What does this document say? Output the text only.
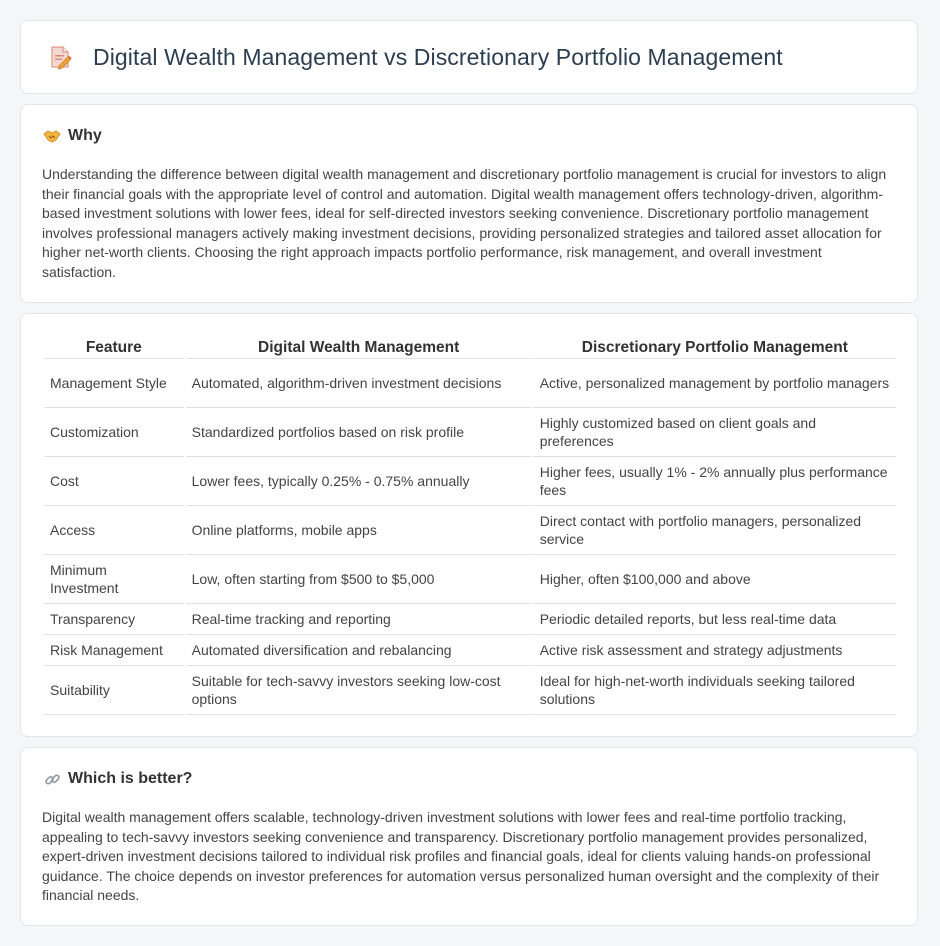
Digital Wealth Management vs Discretionary Portfolio Management
Why

Understanding the difference between digital wealth management and discretionary portfolio management is crucial for investors to align their financial goals with the appropriate level of control and automation. Digital wealth management offers technology-driven, algorithm-based investment solutions with lower fees, ideal for self-directed investors seeking convenience. Discretionary portfolio management involves professional managers actively making investment decisions, providing personalized strategies and tailored asset allocation for higher net-worth clients. Choosing the right approach impacts portfolio performance, risk management, and overall investment satisfaction.

Feature	Digital Wealth Management	Discretionary Portfolio Management
Management Style	Automated, algorithm-driven investment decisions	Active, personalized management by portfolio managers
Customization	Standardized portfolios based on risk profile	Highly customized based on client goals and preferences
Cost	Lower fees, typically 0.25% - 0.75% annually	Higher fees, usually 1% - 2% annually plus performance fees
Access	Online platforms, mobile apps	Direct contact with portfolio managers, personalized service
Minimum Investment	Low, often starting from $500 to $5,000	Higher, often $100,000 and above
Transparency	Real-time tracking and reporting	Periodic detailed reports, but less real-time data
Risk Management	Automated diversification and rebalancing	Active risk assessment and strategy adjustments
Suitability	Suitable for tech-savvy investors seeking low-cost options	Ideal for high-net-worth individuals seeking tailored solutions
Which is better?

Digital wealth management offers scalable, technology-driven investment solutions with lower fees and real-time portfolio tracking, appealing to tech-savvy investors seeking convenience and transparency. Discretionary portfolio management provides personalized, expert-driven investment decisions tailored to individual risk profiles and financial goals, ideal for clients valuing hands-on professional guidance. The choice depends on investor preferences for automation versus personalized human oversight and the complexity of their financial needs.
